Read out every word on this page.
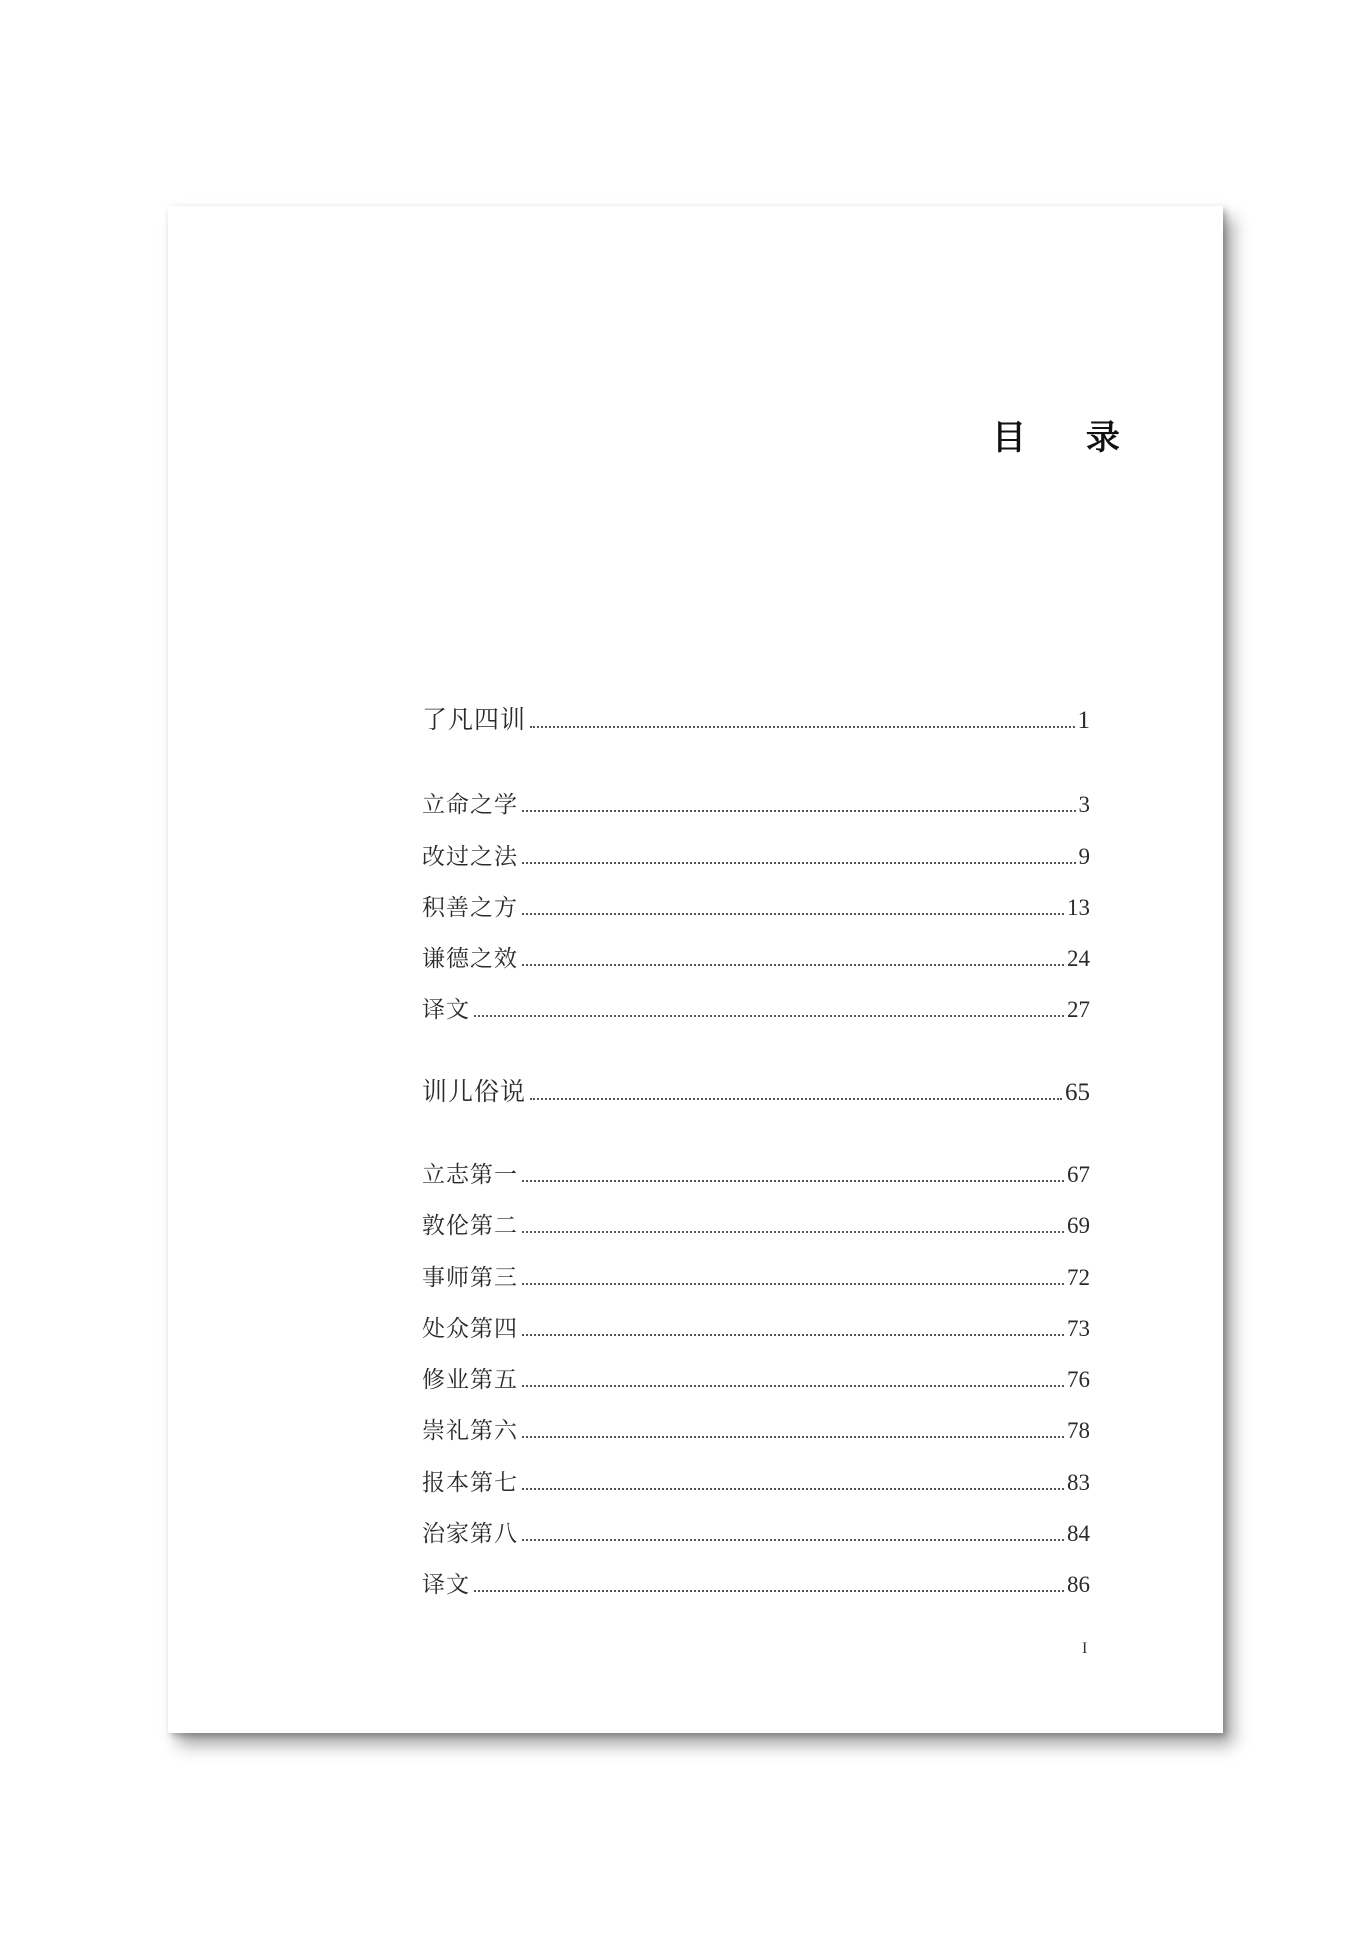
目 录
了凡四训	1
立命之学	3
改过之法	9
积善之方	13
谦德之效	24
译文	27
训儿俗说	65
立志第一	67
敦伦第二	69
事师第三	72
处众第四	73
修业第五	76
崇礼第六	78
报本第七	83
治家第八	84
译文	86
I
